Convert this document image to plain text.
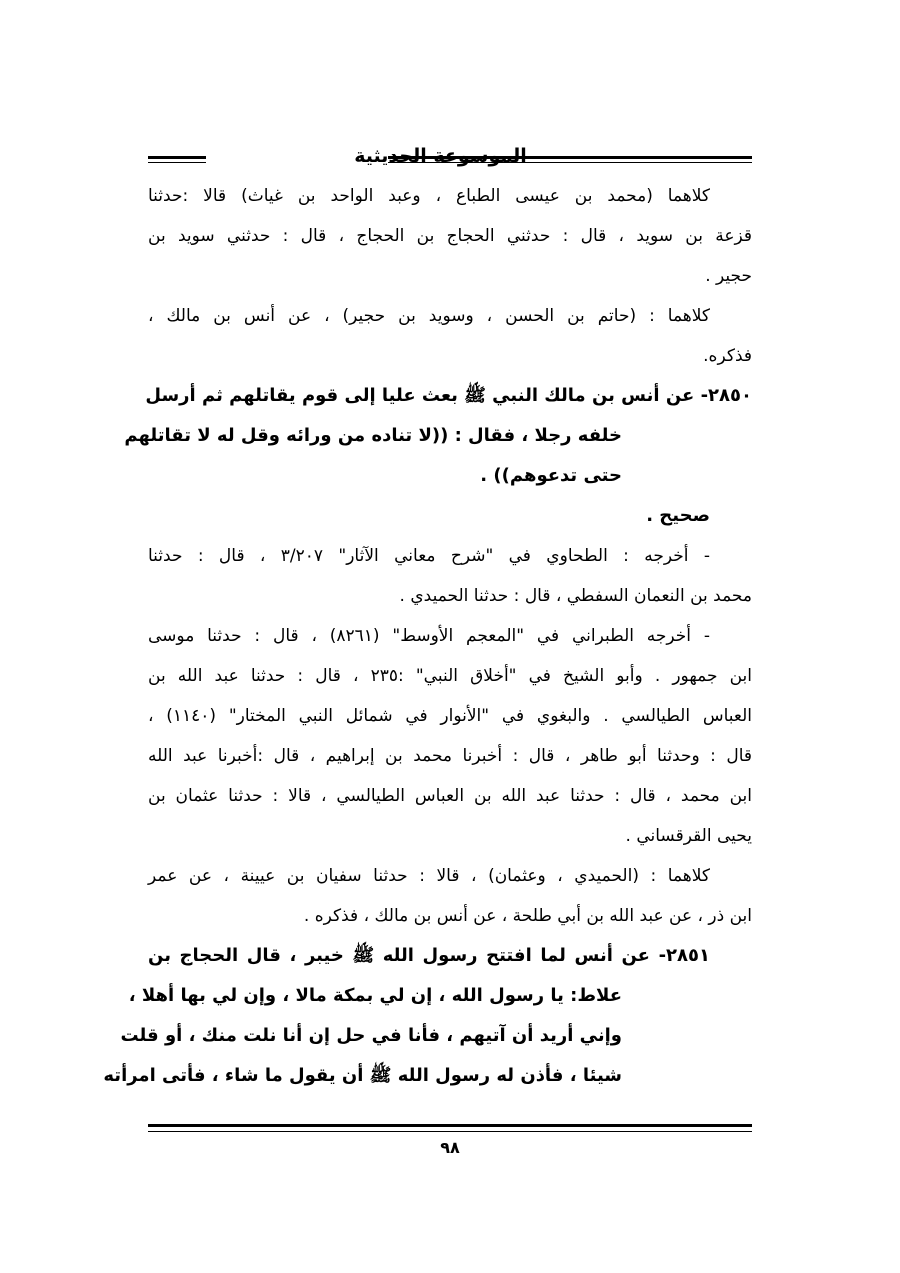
الموسوعة الحديثية
كلاهما (محمد بن عيسى الطباع ، وعبد الواحد بن غياث) قالا :حدثنا
قزعة بن سويد ، قال : حدثني الحجاج بن الحجاج ، قال : حدثني سويد بن
حجير .
كلاهما : (حاتم بن الحسن ، وسويد بن حجير) ، عن أنس بن مالك ،
فذكره.
٢٨٥٠- عن أنس بن مالك النبي ﷺ بعث عليا إلى قوم يقاتلهم ثم أرسل
خلفه رجلا ، فقال : ((لا تناده من ورائه وقل له لا تقاتلهم
حتى تدعوهم)) .
صحيح .
- أخرجه : الطحاوي في "شرح معاني الآثار" ٣/٢٠٧ ، قال : حدثنا
محمد بن النعمان السفطي ، قال : حدثنا الحميدي .
- أخرجه الطبراني في "المعجم الأوسط" (٨٢٦١) ، قال : حدثنا موسى
ابن جمهور . وأبو الشيخ في "أخلاق النبي" :٢٣٥ ، قال : حدثنا عبد الله بن
العباس الطيالسي . والبغوي في "الأنوار في شمائل النبي المختار" (١١٤٠) ،
قال : وحدثنا أبو طاهر ، قال : أخبرنا محمد بن إبراهيم ، قال :أخبرنا عبد الله
ابن محمد ، قال : حدثنا عبد الله بن العباس الطيالسي ، قالا : حدثنا عثمان بن
يحيى القرقساني .
كلاهما : (الحميدي ، وعثمان) ، قالا : حدثنا سفيان بن عيينة ، عن عمر
ابن ذر ، عن عبد الله بن أبي طلحة ، عن أنس بن مالك ، فذكره .
٢٨٥١- عن أنس لما افتتح رسول الله ﷺ خيبر ، قال الحجاج بن
علاط: يا رسول الله ، إن لي بمكة مالا ، وإن لي بها أهلا ،
وإني أريد أن آتيهم ، فأنا في حل إن أنا نلت منك ، أو قلت
شيئا ، فأذن له رسول الله ﷺ أن يقول ما شاء ، فأتى امرأته
٩٨
